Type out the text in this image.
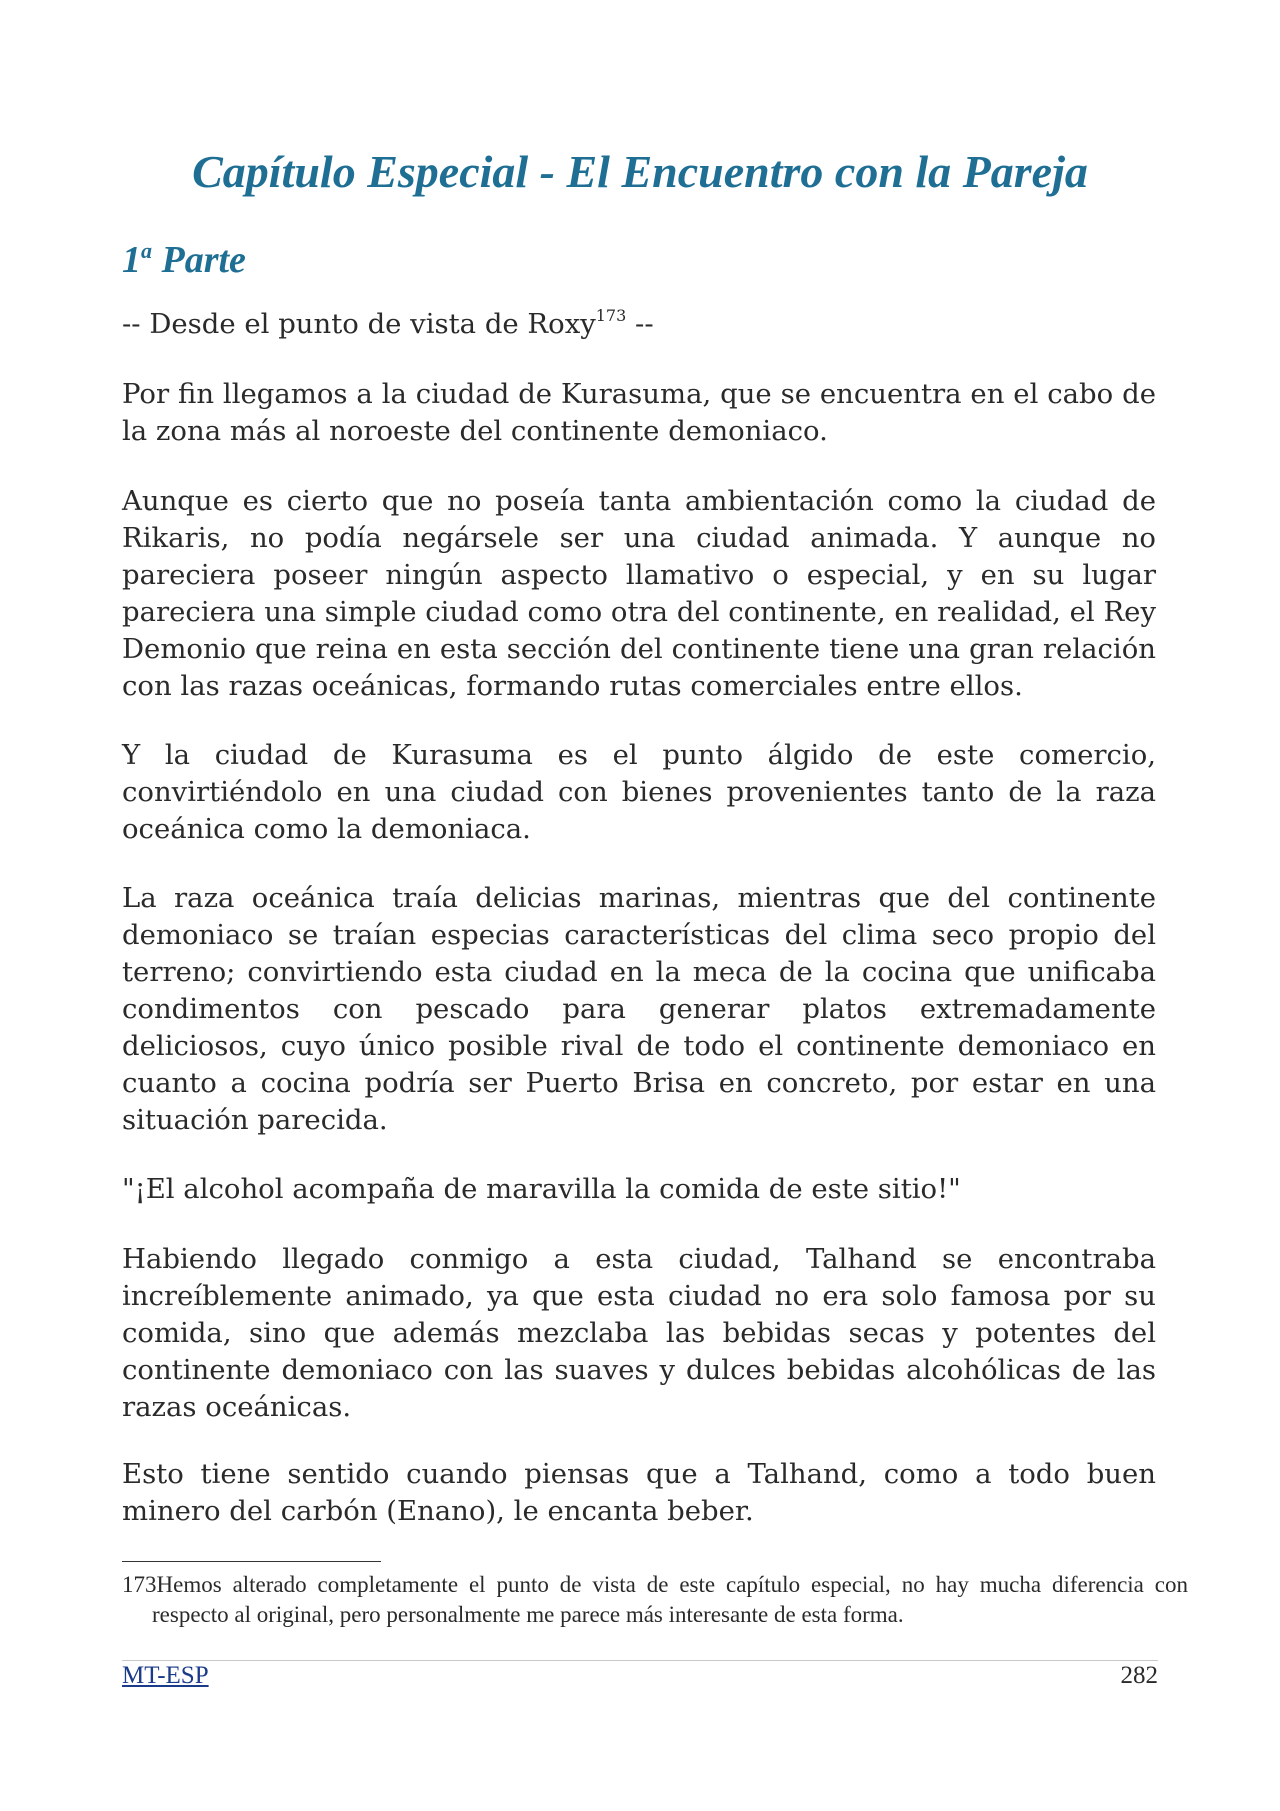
Capítulo Especial - El Encuentro con la Pareja
1$^a$ Parte

-- Desde el punto de vista de Roxy$^{173}$ --

Por fin llegamos a la ciudad de Kurasuma, que se encuentra en el cabo de la zona más al noroeste del continente demoniaco.

Aunque es cierto que no poseía tanta ambientación como la ciudad de Rikaris, no podía negársele ser una ciudad animada. Y aunque no pareciera poseer ningún aspecto llamativo o especial, y en su lugar pareciera una simple ciudad como otra del continente, en realidad, el Rey Demonio que reina en esta sección del continente tiene una gran relación con las razas oceánicas, formando rutas comerciales entre ellos.

Y la ciudad de Kurasuma es el punto álgido de este comercio, convirtiéndolo en una ciudad con bienes provenientes tanto de la raza oceánica como la demoniaca.

La raza oceánica traía delicias marinas, mientras que del continente demoniaco se traían especias características del clima seco propio del terreno; convirtiendo esta ciudad en la meca de la cocina que unificaba condimentos con pescado para generar platos extremadamente deliciosos, cuyo único posible rival de todo el continente demoniaco en cuanto a cocina podría ser Puerto Brisa en concreto, por estar en una situación parecida.

"¡El alcohol acompaña de maravilla la comida de este sitio!"

Habiendo llegado conmigo a esta ciudad, Talhand se encontraba increíblemente animado, ya que esta ciudad no era solo famosa por su comida, sino que además mezclaba las bebidas secas y potentes del continente demoniaco con las suaves y dulces bebidas alcohólicas de las razas oceánicas.

Esto tiene sentido cuando piensas que a Talhand, como a todo buen minero del carbón (Enano), le encanta beber.

173Hemos alterado completamente el punto de vista de este capítulo especial, no hay mucha diferencia con respecto al original, pero personalmente me parece más interesante de esta forma.

MT-ESP	282
